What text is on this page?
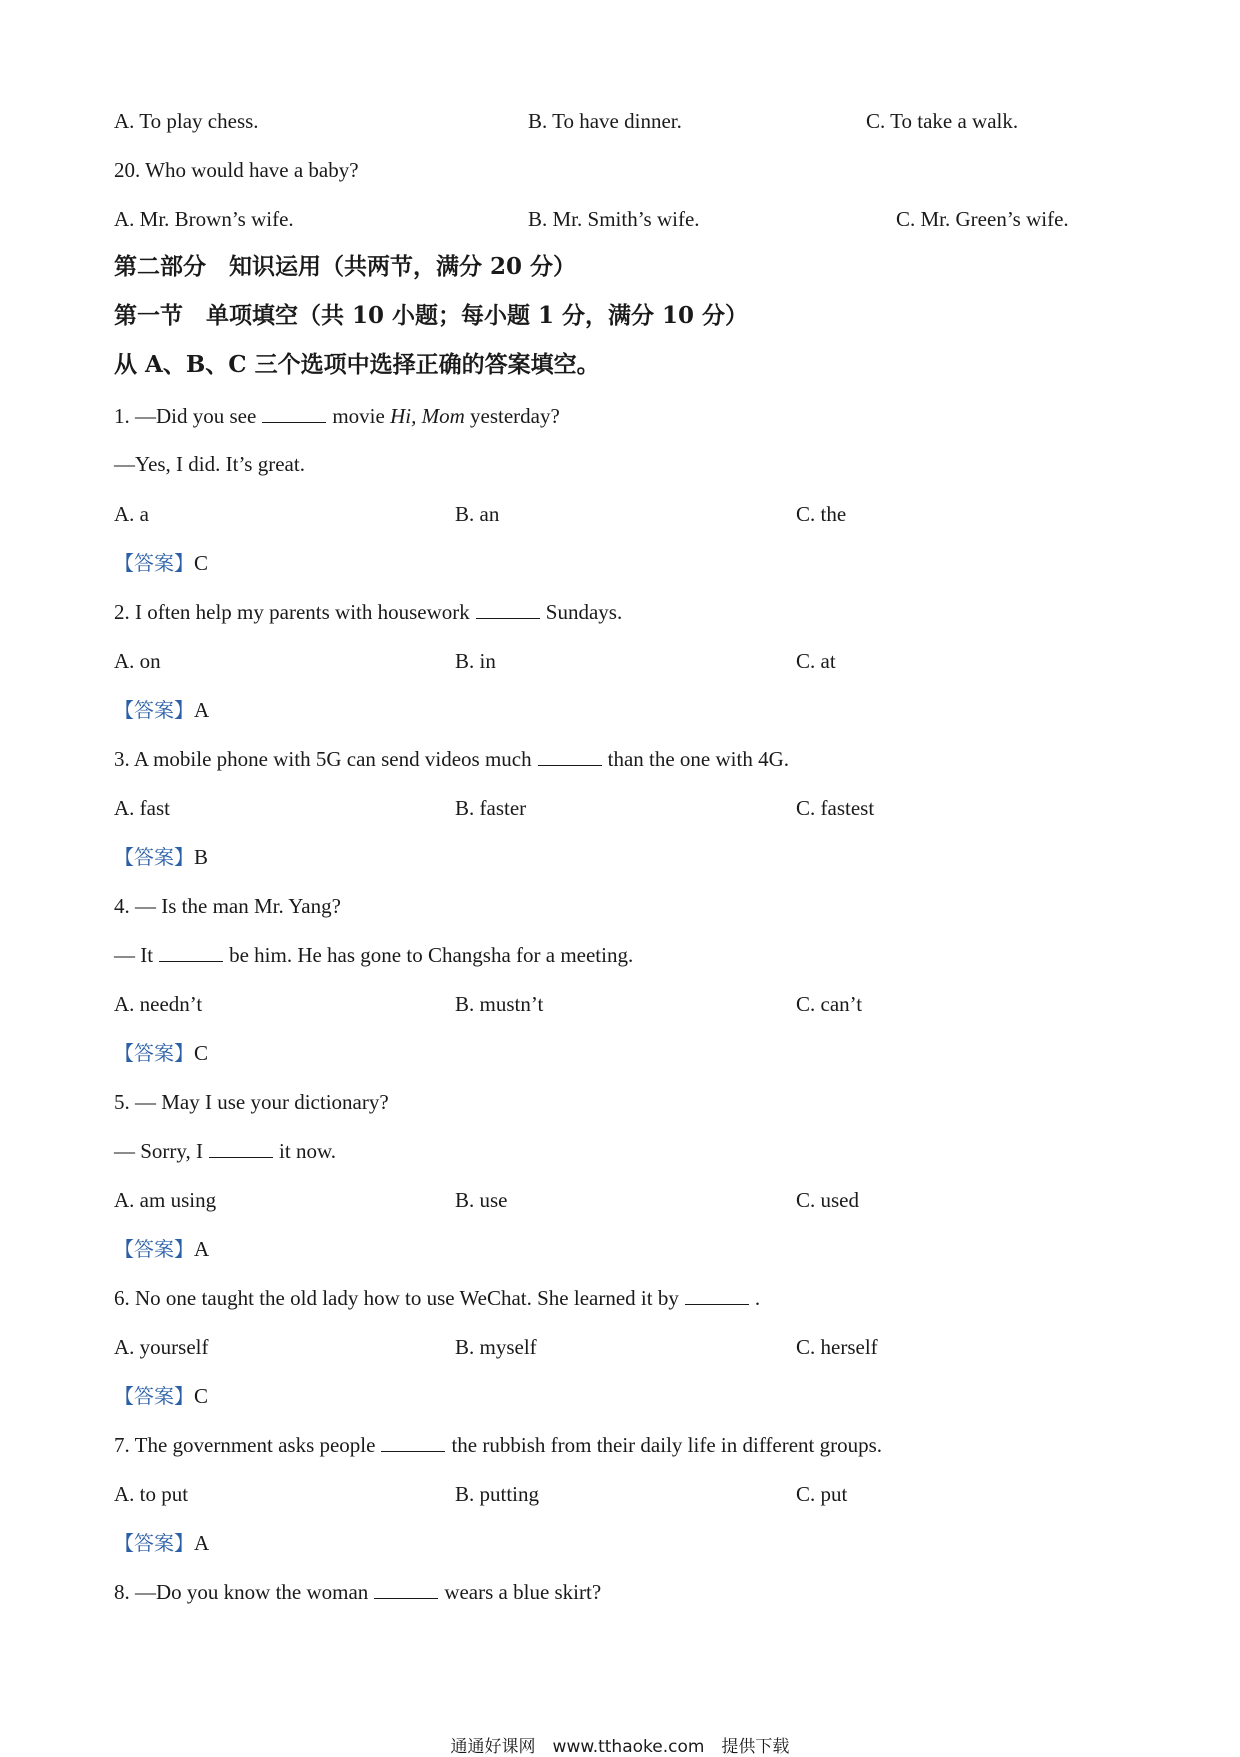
A. To play chess.	B. To have dinner.	C. To take a walk.
20. Who would have a baby?
A. Mr. Brown’s wife.	B. Mr. Smith’s wife.	C. Mr. Green’s wife.
第二部分　知识运用（共两节，满分 20 分）
第一节　单项填空（共 10 小题；每小题 1 分，满分 10 分）
从 A、B、C 三个选项中选择正确的答案填空。
1. —Did you see	movie Hi, Mom yesterday?
—Yes, I did. It’s great.
A. a	B. an	C. the
【答案】C
2. I often help my parents with housework	Sundays.
A. on	B. in	C. at
【答案】A
3. A mobile phone with 5G can send videos much	than the one with 4G.
A. fast	B. faster	C. fastest
【答案】B
4. — Is the man Mr. Yang?
— It	be him. He has gone to Changsha for a meeting.
A. needn’t	B. mustn’t	C. can’t
【答案】C
5. — May I use your dictionary?
— Sorry, I	it now.
A. am using	B. use	C. used
【答案】A
6. No one taught the old lady how to use WeChat. She learned it by	.
A. yourself	B. myself	C. herself
【答案】C
7. The government asks people	the rubbish from their daily life in different groups.
A. to put	B. putting	C. put
【答案】A
8. —Do you know the woman	wears a blue skirt?
通通好课网　www.tthaoke.com　提供下载
